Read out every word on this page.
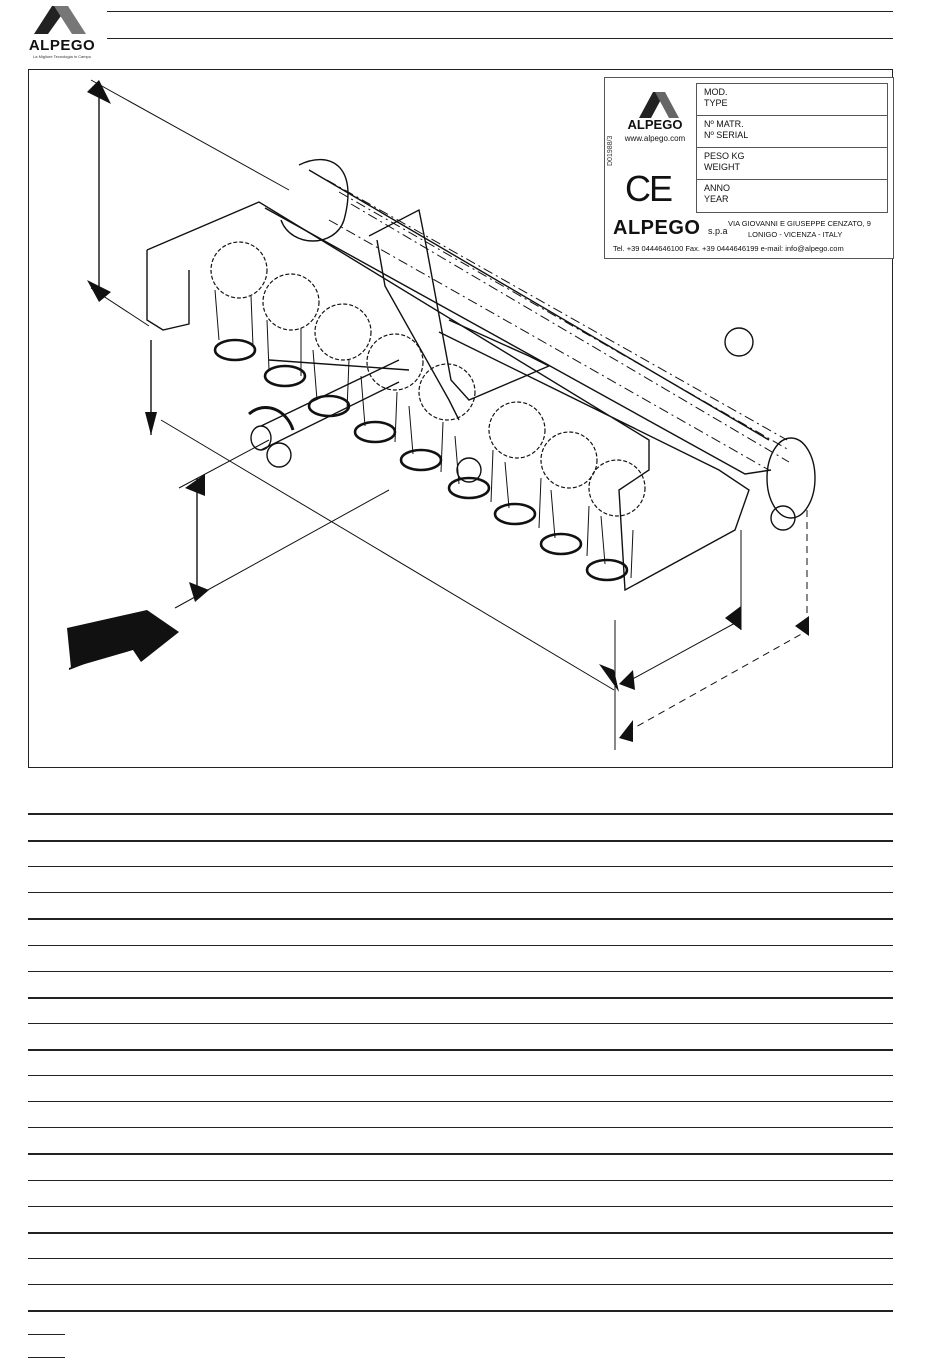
ALPEGO
La Migliore Tecnologia in Campo
D01988/3
ALPEGO
www.alpego.com
CE
MOD.
TYPE
Nº MATR.
Nº SERIAL
PESO KG
WEIGHT
ANNO
YEAR
ALPEGO s.p.a
VIA GIOVANNI E GIUSEPPE CENZATO, 9
LONIGO - VICENZA - ITALY
Tel. +39 0444646100 Fax. +39 0444646199 e-mail: info@alpego.com
